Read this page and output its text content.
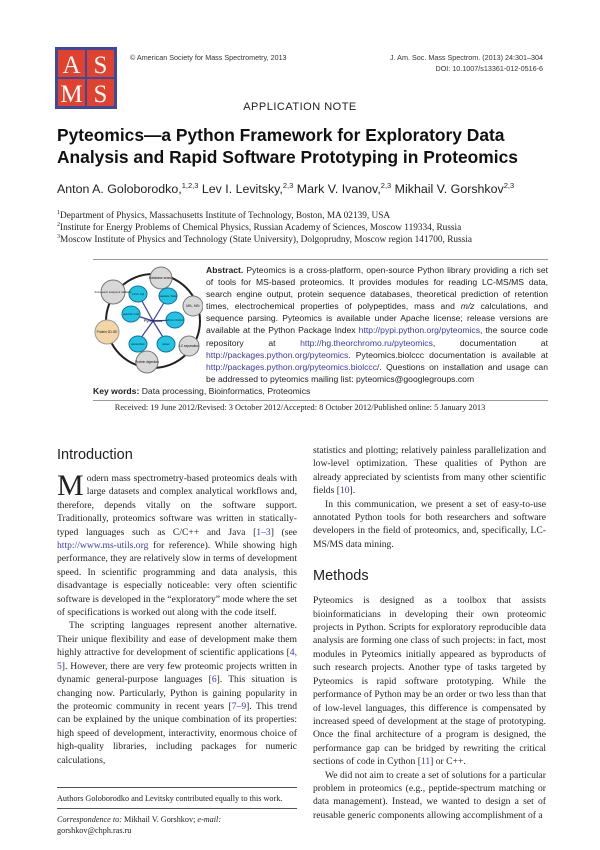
A S
M S
© American Society for Mass Spectrometry, 2013	J. Am. Soc. Mass Spectrom. (2013) 24:301–304
DOI: 10.1007/s13361-012-0516-6
APPLICATION NOTE
Pyteomics—a Python Framework for Exploratory Data Analysis and Rapid Software Prototyping in Proteomics
Anton A. Goloborodko,$^{1,2,3}$ Lev I. Levitsky,$^{2,3}$ Mark V. Ivanov,$^{2,3}$ Mikhail V. Gorshkov$^{2,3}$
$^1$Department of Physics, Massachusetts Institute of Technology, Boston, MA 02139, USA
$^2$Institute for Energy Problems of Chemical Physics, Russian Academy of Sciences, Moscow 119334, Russia
$^3$Moscow Institute of Physics and Technology (State University), Dolgoprudny, Moscow region 141700, Russia
Pyteomics
Database search
MS¹, MS²
LC separation
Protein digestion
Protein 2D-GE
Post-search analysis & validation
mzml / mgf
xtandem / fasta
achrom / biolccc
parser
electrochem
pepxmlf / mzid
Abstract. Pyteomics is a cross-platform, open-source Python library providing a rich set of tools for MS-based proteomics. It provides modules for reading LC-MS/MS data, search engine output, protein sequence databases, theoretical prediction of retention times, electrochemical properties of polypeptides, mass and m/z calculations, and sequence parsing. Pyteomics is available under Apache license; release versions are available at the Python Package Index http://pypi.python.org/pyteomics, the source code repository at http://hg.theorchromo.ru/pyteomics, documentation at http://packages.python.org/pyteomics. Pyteomics.biolccc documentation is available at http://packages.python.org/pyteomics.biolccc/. Questions on installation and usage can be addressed to pyteomics mailing list: pyteomics@googlegroups.com
Key words: Data processing, Bioinformatics, Proteomics
Received: 19 June 2012/Revised: 3 October 2012/Accepted: 8 October 2012/Published online: 5 January 2013
Introduction

Modern mass spectrometry-based proteomics deals with large datasets and complex analytical workflows and, therefore, depends vitally on the software support. Traditionally, proteomics software was written in statically-typed languages such as C/C++ and Java [1–3] (see http://www.ms-utils.org for reference). While showing high performance, they are relatively slow in terms of development speed. In scientific programming and data analysis, this disadvantage is especially noticeable: very often scientific software is developed in the “exploratory” mode where the set of specifications is worked out along with the code itself.

The scripting languages represent another alternative. Their unique flexibility and ease of development make them highly attractive for development of scientific applications [4, 5]. However, there are very few proteomic projects written in dynamic general-purpose languages [6]. This situation is changing now. Particularly, Python is gaining popularity in the proteomic community in recent years [7–9]. This trend can be explained by the unique combination of its properties: high speed of development, interactivity, enormous choice of high-quality libraries, including packages for numeric calculations,

Authors Goloborodko and Levitsky contributed equally to this work.
Correspondence to: Mikhail V. Gorshkov; e-mail: gorshkov@chph.ras.ru

statistics and plotting; relatively painless parallelization and low-level optimization. These qualities of Python are already appreciated by scientists from many other scientific fields [10].

In this communication, we present a set of easy-to-use annotated Python tools for both researchers and software developers in the field of proteomics, and, specifically, LC-MS/MS data mining.

Methods

Pyteomics is designed as a toolbox that assists bioinformaticians in developing their own proteomic projects in Python. Scripts for exploratory reproducible data analysis are forming one class of such projects: in fact, most modules in Pyteomics initially appeared as byproducts of such research projects. Another type of tasks targeted by Pyteomics is rapid software prototyping. While the performance of Python may be an order or two less than that of low-level languages, this difference is compensated by increased speed of development at the stage of prototyping. Once the final architecture of a program is designed, the performance gap can be bridged by rewriting the critical sections of code in Cython [11] or C++.

We did not aim to create a set of solutions for a particular problem in proteomics (e.g., peptide-spectrum matching or data management). Instead, we wanted to design a set of reusable generic components allowing accomplishment of a
